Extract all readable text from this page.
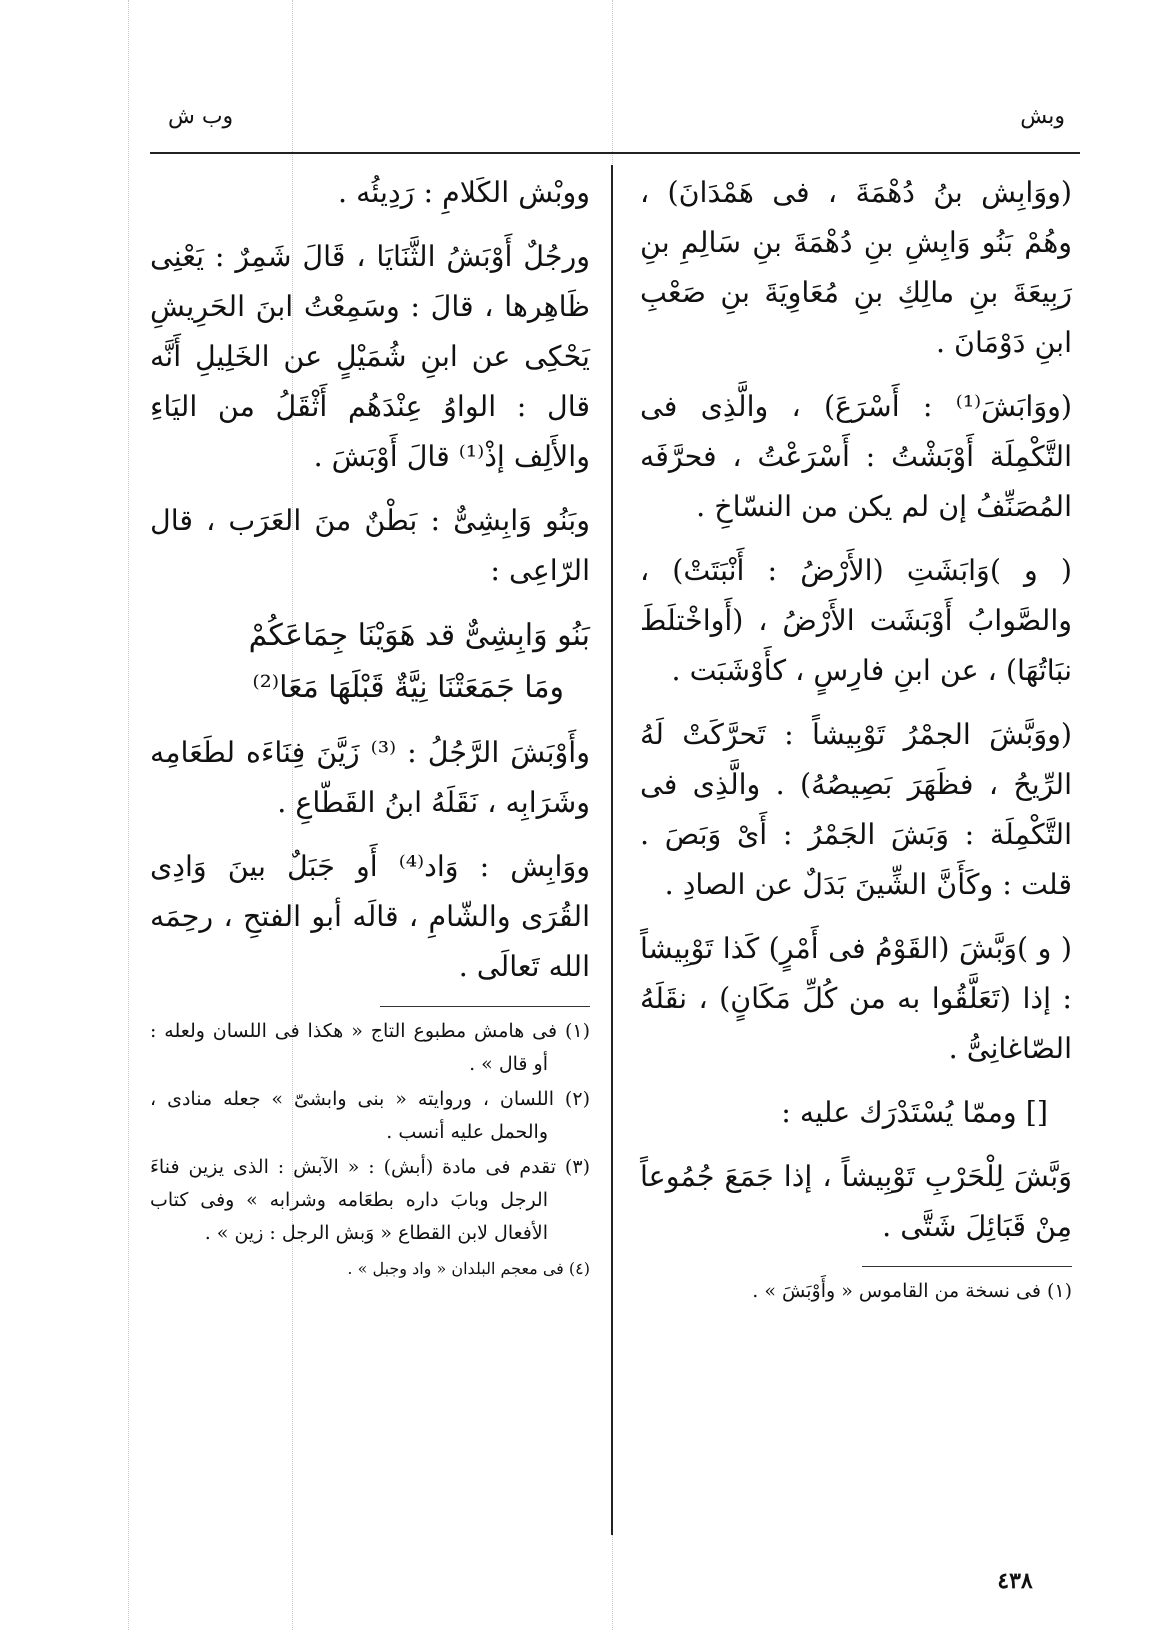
وبش
وب ش

(ووَابِش بنُ دُهْمَةَ ، فى هَمْدَانَ) ، وهُمْ بَنُو وَابِشِ بنِ دُهْمَةَ بنِ سَالِمِ بنِ رَبِيعَةَ بنِ مالِكِ بنِ مُعَاوِيَةَ بنِ صَعْبِ ابنِ دَوْمَانَ .

(ووَابَشَ⁽¹⁾ : أَسْرَعَ) ، والَّذِى فى التَّكْمِلَة أَوْبَشْتُ : أَسْرَعْتُ ، فحرَّفَه المُصَنِّفُ إن لم يكن من النسّاخِ .

( و )وَابَشَتِ (الأَرْضُ : أَنْبَتَتْ) ، والصَّوابُ أَوْبَشَت الأَرْضُ ، (أَواخْتلَطَ نبَاتُهَا) ، عن ابنِ فارِسٍ ، كأَوْشَبَت .

(ووَبَّشَ الجمْرُ تَوْبِيشاً : تَحرَّكَتْ لَهُ الرِّيحُ ، فظَهَرَ بَصِيصُهُ) . والَّذِى فى التَّكْمِلَة : وَبَشَ الجَمْرُ : أَىْ وَبَصَ . قلت : وكَأَنَّ الشِّينَ بَدَلٌ عن الصادِ .

( و )وَبَّشَ (القَوْمُ فى أَمْرٍ) كَذا تَوْبِيشاً : إذا (تَعَلَّقُوا به من كُلِّ مَكَانٍ) ، نقَلَهُ الصّاغانِىُّ .

[] وممّا يُسْتَدْرَك عليه :

وَبَّشَ لِلْحَرْبِ تَوْبِيشاً ، إذا جَمَعَ جُمُوعاً مِنْ قَبَائِلَ شَتَّى .

(١) فى نسخة من القاموس « وأَوْبَشَ » .

ووبْش الكَلامِ : رَدِيئُه .

ورجُلٌ أَوْبَشُ الثَّنَايَا ، قَالَ شَمِرٌ : يَعْنِى ظَاهِرها ، قالَ : وسَمِعْتُ ابنَ الحَرِيشِ يَحْكِى عن ابنِ شُمَيْلٍ عن الخَلِيلِ أَنَّه قال : الواوُ عِنْدَهُم أَثْقَلُ من اليَاءِ والأَلِف إذْ⁽¹⁾ قالَ أَوْبَشَ .

وبَنُو وَابِشِىٌّ : بَطْنٌ منَ العَرَب ، قال الرّاعِى :

بَنُو وَابِشِىٌّ قد هَوَيْنَا جِمَاعَكُمْ
ومَا جَمَعَتْنَا نِيَّةٌ قَبْلَهَا مَعَا⁽²⁾

وأَوْبَشَ الرَّجُلُ : ⁽³⁾ زَيَّنَ فِنَاءَه لطَعَامِه وشَرَابِه ، نَقَلَهُ ابنُ القَطّاعِ .

ووَابِش : وَاد⁽⁴⁾ أَو جَبَلٌ بينَ وَادِى القُرَى والشّامِ ، قالَه أبو الفتحِ ، رحِمَه الله تَعالَى .

(١) فى هامش مطبوع التاج « هكذا فى اللسان ولعله : أو قال » .
(٢) اللسان ، وروايته « بنى وابشىّ » جعله منادى ، والحمل عليه أنسب .
(٣) تقدم فى مادة (أبش) : « الآبش : الذى يزين فناءَ الرجل وبابَ داره بطعَامه وشرابه » وفى كتاب الأفعال لابن القطاع « وَبش الرجل : زين » .
(٤) فى معجم البلدان « واد وجبل » .
٤٣٨
